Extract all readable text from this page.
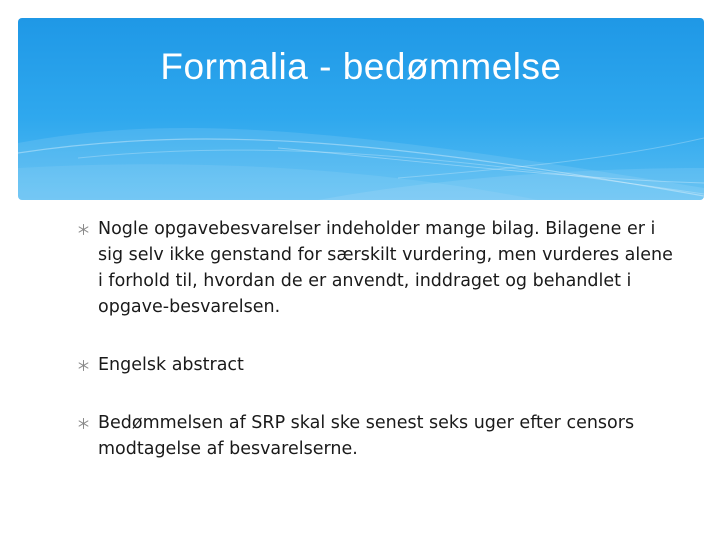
Formalia - bedømmelse
Nogle opgavebesvarelser indeholder mange bilag. Bilagene er i sig selv ikke genstand for særskilt vurdering, men vurderes alene i forhold til, hvordan de er anvendt, inddraget og behandlet i opgave-besvarelsen.
Engelsk abstract
Bedømmelsen af SRP skal ske senest seks uger efter censors modtagelse af besvarelserne.
